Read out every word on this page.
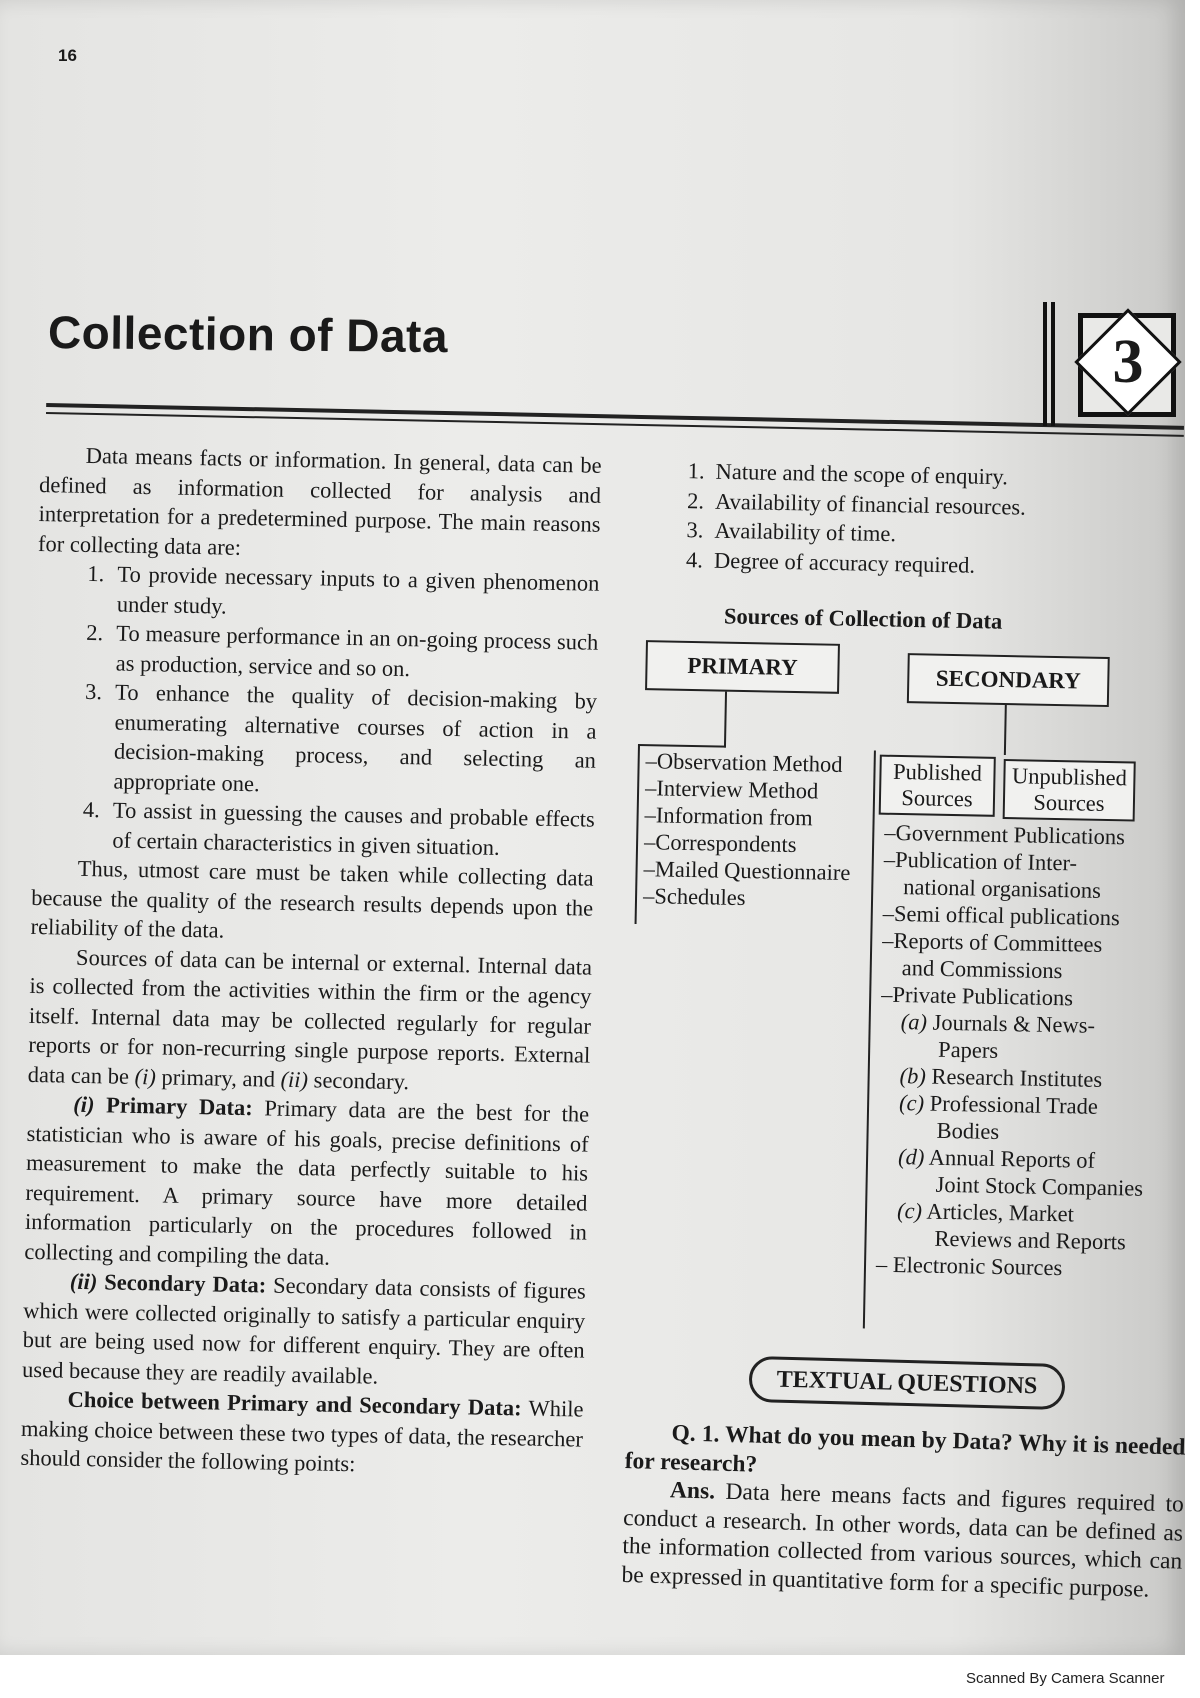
16
Collection of Data	3

Data means facts or information. In general, data can be defined as information collected for analysis and interpretation for a predetermined purpose. The main reasons for collecting data are:

1. To provide necessary inputs to a given phenomenon under study.
2. To measure performance in an on-going process such as production, service and so on.
3. To enhance the quality of decision-making by enumerating alternative courses of action in a decision-making process, and selecting an appropriate one.
4. To assist in guessing the causes and probable effects of certain characteristics in given situation.

Thus, utmost care must be taken while collecting data because the quality of the research results depends upon the reliability of the data.

Sources of data can be internal or external. Internal data is collected from the activities within the firm or the agency itself. Internal data may be collected regularly for regular reports or for non-recurring single purpose reports. External data can be (i) primary, and (ii) secondary.

(i) Primary Data: Primary data are the best for the statistician who is aware of his goals, precise definitions of measurement to make the data perfectly suitable to his requirement. A primary source have more detailed information particularly on the procedures followed in collecting and compiling the data.

(ii) Secondary Data: Secondary data consists of figures which were collected originally to satisfy a particular enquiry but are being used now for different enquiry. They are often used because they are readily available.

Choice between Primary and Secondary Data: While making choice between these two types of data, the researcher should consider the following points:

1. Nature and the scope of enquiry.
2. Availability of financial resources.
3. Availability of time.
4. Degree of accuracy required.
Sources of Collection of Data
PRIMARY	SECONDARY
– Observation Method
– Interview Method
– Information from
– Correspondents
– Mailed Questionnaire
– Schedules
Published
Sources
Unpublished
Sources
–Government Publications
–Publication of Inter-
national organisations
–Semi offical publications
–Reports of Committees
and Commissions
–Private Publications
(a) Journals & News-
Papers
(b) Research Institutes
(c) Professional Trade
Bodies
(d) Annual Reports of
Joint Stock Companies
(c) Articles, Market
Reviews and Reports
– Electronic Sources
TEXTUAL QUESTIONS

Q. 1. What do you mean by Data? Why it is needed for research?

Ans. Data here means facts and figures required to conduct a research. In other words, data can be defined as the information collected from various sources, which can be expressed in quantitative form for a specific purpose.

Scanned By Camera Scanner
